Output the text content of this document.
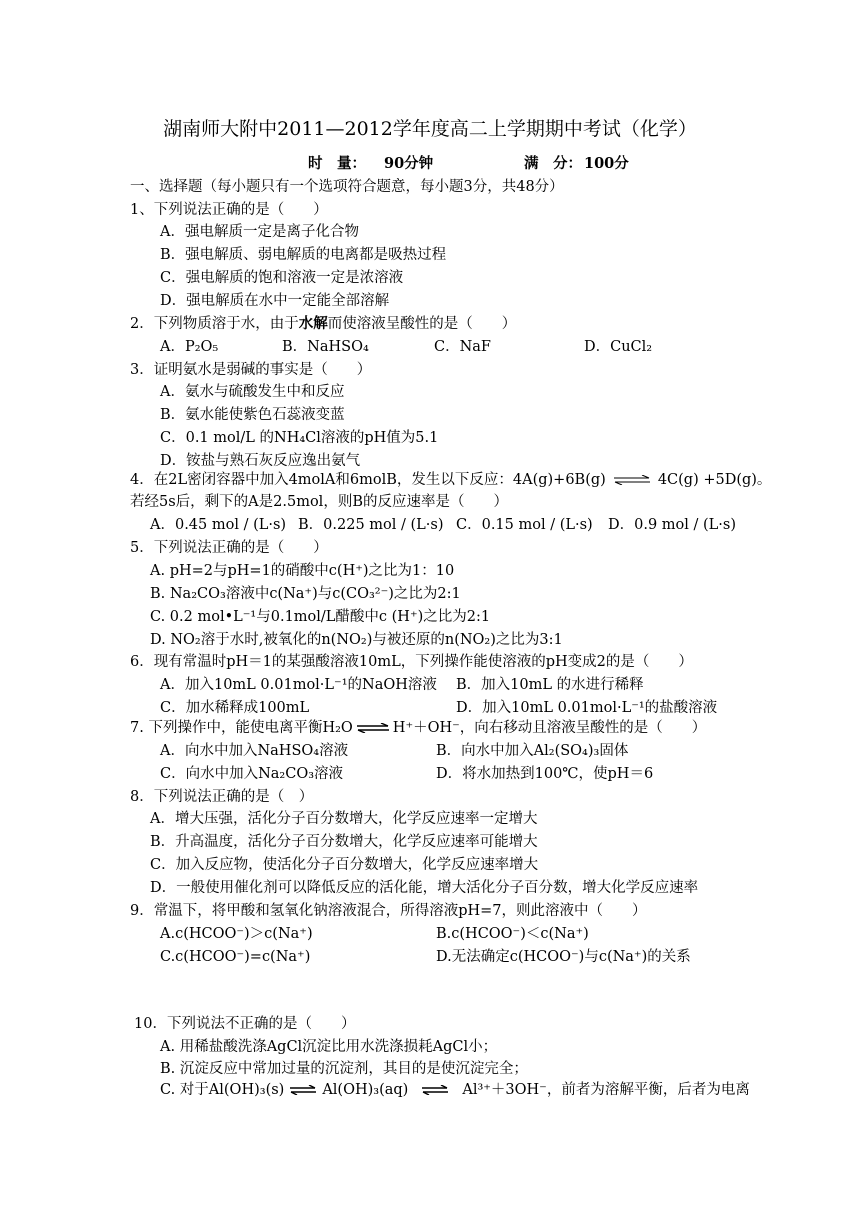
湖南师大附中2011—2012学年度高二上学期期中考试（化学）
时　量： 90分钟	满　分： 100分
一、选择题（每小题只有一个选项符合题意，每小题3分，共48分）
1、下列说法正确的是（　　）
A．强电解质一定是离子化合物
B．强电解质、弱电解质的电离都是吸热过程
C．强电解质的饱和溶液一定是浓溶液
D．强电解质在水中一定能全部溶解
2．下列物质溶于水，由于水解而使溶液呈酸性的是（　　）
A．P₂O₅	B．NaHSO₄	C．NaF	D．CuCl₂
3．证明氨水是弱碱的事实是（　　）
A．氨水与硫酸发生中和反应
B．氨水能使紫色石蕊液变蓝
C．0.1 mol/L 的NH₄Cl溶液的pH值为5.1
D．铵盐与熟石灰反应逸出氨气
4．在2L密闭容器中加入4molA和6molB，发生以下反应：4A(g)+6B(g) ⇌ 4C(g) +5D(g)。
若经5s后，剩下的A是2.5mol，则B的反应速率是（　　）
A．0.45 mol / (L·s) B．0.225 mol / (L·s) C．0.15 mol / (L·s) D．0.9 mol / (L·s)
5．下列说法正确的是（　　）
A. pH=2与pH=1的硝酸中c(H⁺)之比为1：10
B. Na₂CO₃溶液中c(Na⁺)与c(CO₃²⁻)之比为2:1
C. 0.2 mol•L⁻¹与0.1mol/L醋酸中c (H⁺)之比为2:1
D. NO₂溶于水时,被氧化的n(NO₂)与被还原的n(NO₂)之比为3:1
6．现有常温时pH＝1的某强酸溶液10mL，下列操作能使溶液的pH变成2的是（　　）
A．加入10mL 0.01mol·L⁻¹的NaOH溶液 B．加入10mL 的水进行稀释
C．加水稀释成100mL	D．加入10mL 0.01mol·L⁻¹的盐酸溶液
7. 下列操作中，能使电离平衡H₂O ⇌ H⁺＋OH⁻，向右移动且溶液呈酸性的是（　　）
A．向水中加入NaHSO₄溶液	B．向水中加入Al₂(SO₄)₃固体
C．向水中加入Na₂CO₃溶液	D．将水加热到100℃，使pH＝6
8．下列说法正确的是（　）
A．增大压强，活化分子百分数增大，化学反应速率一定增大
B．升高温度，活化分子百分数增大，化学反应速率可能增大
C．加入反应物，使活化分子百分数增大，化学反应速率增大
D．一般使用催化剂可以降低反应的活化能，增大活化分子百分数，增大化学反应速率
9．常温下，将甲酸和氢氧化钠溶液混合，所得溶液pH=7，则此溶液中（　　）
A.c(HCOO⁻)＞c(Na⁺)	B.c(HCOO⁻)＜c(Na⁺)
C.c(HCOO⁻)=c(Na⁺)	D.无法确定c(HCOO⁻)与c(Na⁺)的关系
10．下列说法不正确的是（　　）
A. 用稀盐酸洗涤AgCl沉淀比用水洗涤损耗AgCl小；
B. 沉淀反应中常加过量的沉淀剂，其目的是使沉淀完全；
C. 对于Al(OH)₃(s) ⇌ Al(OH)₃(aq) ⇌ Al³⁺＋3OH⁻，前者为溶解平衡，后者为电离
